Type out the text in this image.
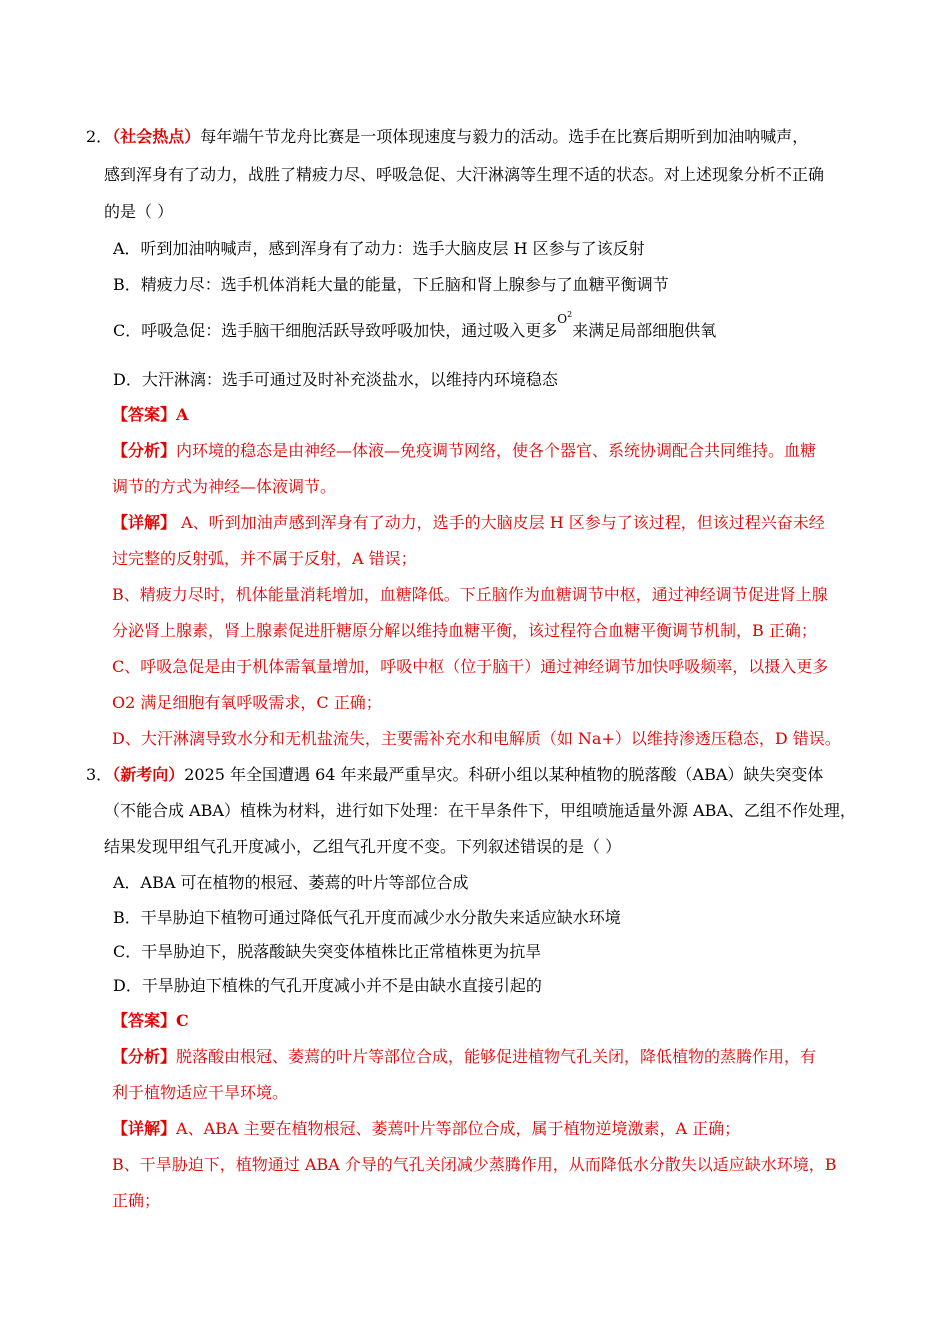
2．（社会热点）每年端午节龙舟比赛是一项体现速度与毅力的活动。选手在比赛后期听到加油呐喊声，
感到浑身有了动力，战胜了精疲力尽、呼吸急促、大汗淋漓等生理不适的状态。对上述现象分析不正确
的是（ ）
A．听到加油呐喊声，感到浑身有了动力：选手大脑皮层 H 区参与了该反射
B．精疲力尽：选手机体消耗大量的能量，下丘脑和肾上腺参与了血糖平衡调节
C．呼吸急促：选手脑干细胞活跃导致呼吸加快，通过吸入更多$O^2$来满足局部细胞供氧
D．大汗淋漓：选手可通过及时补充淡盐水，以维持内环境稳态
【答案】A
【分析】内环境的稳态是由神经—体液—免疫调节网络，使各个器官、系统协调配合共同维持。血糖
调节的方式为神经—体液调节。
【详解】 A、听到加油声感到浑身有了动力，选手的大脑皮层 H 区参与了该过程，但该过程兴奋未经
过完整的反射弧，并不属于反射，A 错误；
B、精疲力尽时，机体能量消耗增加，血糖降低。下丘脑作为血糖调节中枢，通过神经调节促进肾上腺
分泌肾上腺素，肾上腺素促进肝糖原分解以维持血糖平衡，该过程符合血糖平衡调节机制，B 正确；
C、呼吸急促是由于机体需氧量增加，呼吸中枢（位于脑干）通过神经调节加快呼吸频率，以摄入更多
O2 满足细胞有氧呼吸需求，C 正确；
D、大汗淋漓导致水分和无机盐流失，主要需补充水和电解质（如 Na+）以维持渗透压稳态，D 错误。
3．（新考向）2025 年全国遭遇 64 年来最严重旱灾。科研小组以某种植物的脱落酸（ABA）缺失突变体
（不能合成 ABA）植株为材料，进行如下处理：在干旱条件下，甲组喷施适量外源 ABA、乙组不作处理，
结果发现甲组气孔开度减小，乙组气孔开度不变。下列叙述错误的是（ ）
A．ABA 可在植物的根冠、萎蔫的叶片等部位合成
B．干旱胁迫下植物可通过降低气孔开度而减少水分散失来适应缺水环境
C．干旱胁迫下，脱落酸缺失突变体植株比正常植株更为抗旱
D．干旱胁迫下植株的气孔开度减小并不是由缺水直接引起的
【答案】C
【分析】脱落酸由根冠、萎蔫的叶片等部位合成，能够促进植物气孔关闭，降低植物的蒸腾作用，有
利于植物适应干旱环境。
【详解】A、ABA 主要在植物根冠、萎蔫叶片等部位合成，属于植物逆境激素，A 正确；
B、干旱胁迫下，植物通过 ABA 介导的气孔关闭减少蒸腾作用，从而降低水分散失以适应缺水环境，B
正确；
